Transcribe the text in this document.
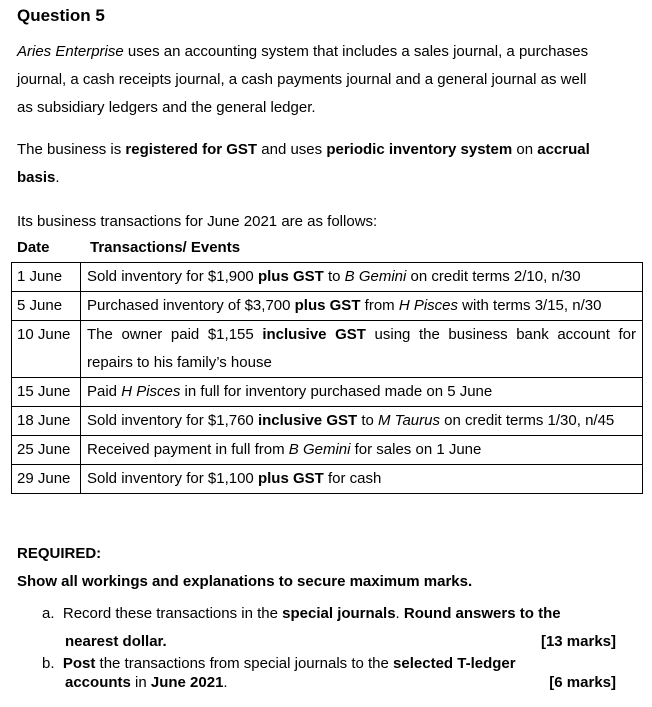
Question 5
Aries Enterprise uses an accounting system that includes a sales journal, a purchases
journal, a cash receipts journal, a cash payments journal and a general journal as well
as subsidiary ledgers and the general ledger.
The business is registered for GST and uses periodic inventory system on accrual
basis.
Its business transactions for June 2021 are as follows:
Date	Transactions/ Events
1 June	Sold inventory for $1,900 plus GST to B Gemini on credit terms 2/10, n/30
5 June	Purchased inventory of $3,700 plus GST from H Pisces with terms 3/15, n/30
10 June	The owner paid $1,155 inclusive GST using the business bank account for repairs to his family’s house
15 June	Paid H Pisces in full for inventory purchased made on 5 June
18 June	Sold inventory for $1,760 inclusive GST to M Taurus on credit terms 1/30, n/45
25 June	Received payment in full from B Gemini for sales on 1 June
29 June	Sold inventory for $1,100 plus GST for cash
REQUIRED:
Show all workings and explanations to secure maximum marks.
a. Record these transactions in the special journals. Round answers to the
nearest dollar.	[13 marks]
b. Post the transactions from special journals to the selected T-ledger
accounts in June 2021.	[6 marks]
